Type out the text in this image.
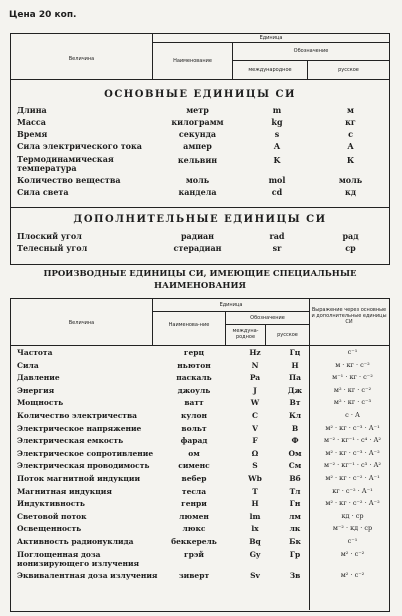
Цена 20 коп.
Величина
Единица
Наименование
Обозначение
международное	русское
ОСНОВНЫЕ ЕДИНИЦЫ СИ
Длина	метр	m	м
Масса	килограмм	kg	кг
Время	секунда	s	с
Сила электрического тока	ампер	A	А
Термодинамическая температура
кельвин	K	К
Количество вещества	моль	mol	моль
Сила света	кандела	cd	кд
ДОПОЛНИТЕЛЬНЫЕ ЕДИНИЦЫ СИ
Плоский угол	радиан	rad	рад
Телесный угол	стерадиан	sr	ср
ПРОИЗВОДНЫЕ ЕДИНИЦЫ СИ, ИМЕЮЩИЕ СПЕЦИАЛЬНЫЕ
НАИМЕНОВАНИЯ
Величина
Единица
Наименова-ние
Обозначение
междуна-родное	русское
Выражение через основные и дополнительные единицы СИ
Частота	герц	Hz	Гц	с⁻¹
Сила	ньютон	N	Н	м · кг · с⁻²
Давление	паскаль	Pa	Па	м⁻¹ · кг · с⁻²
Энергия	джоуль	J	Дж	м² · кг · с⁻²
Мощность	ватт	W	Вт	м² · кг · с⁻³
Количество электричества	кулон	C	Кл	с · А
Электрическое напряжение	вольт	V	В	м² · кг · с⁻³ · А⁻¹
Электрическая емкость	фарад	F	Ф	м⁻² · кг⁻¹ · с⁴ · А²
Электрическое сопротивление	ом	Ω	Ом	м² · кг · с⁻³ · А⁻²
Электрическая проводимость	сименс	S	См	м⁻² · кг⁻¹ · с³ · А²
Поток магнитной индукции	вебер	Wb	Вб	м² · кг · с⁻² · А⁻¹
Магнитная индукция	тесла	T	Тл	кг · с⁻² · А⁻¹
Индуктивность	генри	H	Гн	м² · кг · с⁻² · А⁻²
Световой поток	люмен	lm	лм	кд · ср
Освещенность	люкс	lx	лк	м⁻² · кд · ср
Активность радионуклида	беккерель	Bq	Бк	с⁻¹
Поглощенная доза ионизирующего излучения
грэй	Gy	Гр	м² · с⁻²
Эквивалентная доза излучения	зиверт	Sv	Зв	м² · с⁻²
